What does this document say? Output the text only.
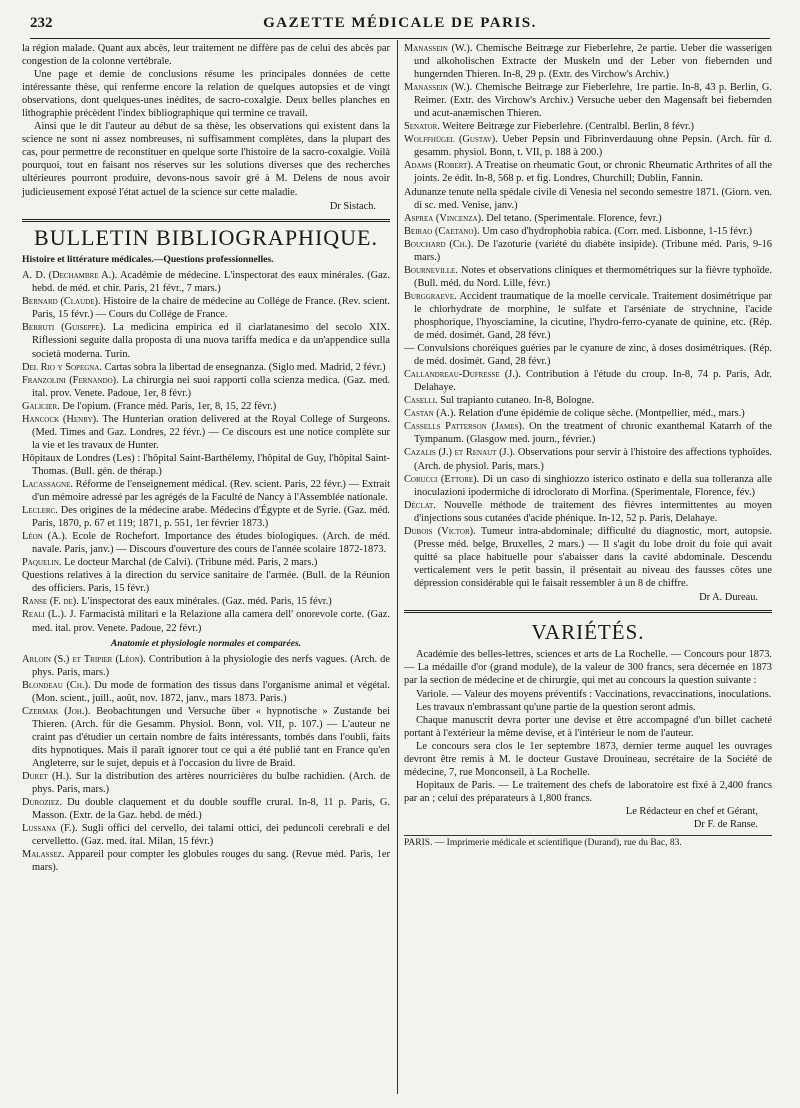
232	GAZETTE MÉDICALE DE PARIS.

la région malade. Quant aux abcès, leur traitement ne diffère pas de celui des abcès par congestion de la colonne vertébrale.

Une page et demie de conclusions résume les principales données de cette intéressante thèse, qui renferme encore la relation de quelques autopsies et de vingt observations, dont quelques-unes inédites, de sacro-coxalgie. Deux belles planches en lithographie précèdent l'index bibliographique qui termine ce travail.

Ainsi que le dit l'auteur au début de sa thèse, les observations qui existent dans la science ne sont ni assez nombreuses, ni suffisamment complètes, dans la plupart des cas, pour permettre de reconstituer en quelque sorte l'histoire de la sacro-coxalgie. Voilà pourquoi, tout en faisant nos réserves sur les solutions diverses que des recherches ultérieures pourront produire, devons-nous savoir gré à M. Delens de nous avoir judicieusement exposé l'état actuel de la science sur cette maladie.

Dr Sistach.

BULLETIN BIBLIOGRAPHIQUE.
Histoire et littérature médicales.—Questions professionnelles.

A. D. (Dechambre A.). Académie de médecine. L'inspectorat des eaux minérales. (Gaz. hebd. de méd. et chir. Paris, 21 févr., 7 mars.)

Bernard (Claude). Histoire de la chaire de médecine au Collége de France. (Rev. scient. Paris, 15 févr.) — Cours du Collége de France.

Berruti (Guiseppe). La medicina empirica ed il ciarlatanesimo del secolo XIX. Riflessioni seguite dalla proposta di una nuova tariffa medica e da un'appendice sulla società moderna. Turin.

Del Rio y Sopegna. Cartas sobra la libertad de ensegnanza. (Siglo med. Madrid, 2 févr.)

Franzolini (Fernando). La chirurgia nei suoi rapporti colla scienza medica. (Gaz. med. ital. prov. Venete. Padoue, 1er, 8 févr.)

Galicier. De l'opium. (France méd. Paris, 1er, 8, 15, 22 févr.)

Hancock (Henry). The Hunterian oration delivered at the Royal College of Surgeons. (Med. Times and Gaz. Londres, 22 févr.) — Ce discours est une notice complète sur la vie et les travaux de Hunter.

Hôpitaux de Londres (Les) : l'hôpital Saint-Barthélemy, l'hôpital de Guy, l'hôpital Saint-Thomas. (Bull. gén. de thérap.)

Lacassagne. Réforme de l'enseignement médical. (Rev. scient. Paris, 22 févr.) — Extrait d'un mémoire adressé par les agrégés de la Faculté de Nancy à l'Assemblée nationale.

Leclerc. Des origines de la médecine arabe. Médecins d'Égypte et de Syrie. (Gaz. méd. Paris, 1870, p. 67 et 119; 1871, p. 551, 1er février 1873.)

Léon (A.). Ecole de Rochefort. Importance des études biologiques. (Arch. de méd. navale. Paris, janv.) — Discours d'ouverture des cours de l'année scolaire 1872-1873.

Paquelin. Le docteur Marchal (de Calvi). (Tribune méd. Paris, 2 mars.)

Questions relatives à la direction du service sanitaire de l'armée. (Bull. de la Réunion des officiers. Paris, 15 févr.)

Ranse (F. de). L'inspectorat des eaux minérales. (Gaz. méd. Paris, 15 févr.)

Reali (L.). J. Farmacistà militari e la Relazione alla camera dell' onorevole corte. (Gaz. med. ital. prov. Venete. Padoue, 22 févr.)

Anatomie et physiologie normales et comparées.

Arloin (S.) et Tripier (Léon). Contribution à la physiologie des nerfs vagues. (Arch. de phys. Paris, mars.)

Blondeau (Ch.). Du mode de formation des tissus dans l'organisme animal et végétal. (Mon. scient., juill., août, nov. 1872, janv., mars 1873. Paris.)

Czermak (Joh.). Beobachtungen und Versuche über « hypnotische » Zustande bei Thieren. (Arch. für die Gesamm. Physiol. Bonn, vol. VII, p. 107.) — L'auteur ne craint pas d'étudier un certain nombre de faits intéressants, tombés dans l'oubli, faits dits hypnotiques. Mais il paraît ignorer tout ce qui a été publié tant en France qu'en Angleterre, sur le sujet, depuis et à l'occasion du livre de Braid.

Duret (H.). Sur la distribution des artères nourricières du bulbe rachidien. (Arch. de phys. Paris, mars.)

Duroziez. Du double claquement et du double souffle crural. In-8, 11 p. Paris, G. Masson. (Extr. de la Gaz. hebd. de méd.)

Lussana (F.). Sugli offici del cervello, dei talami ottici, dei peduncoli cerebrali e del cervelletto. (Gaz. med. ital. Milan, 15 févr.)

Malassez. Appareil pour compter les globules rouges du sang. (Revue méd. Paris, 1er mars).

Manassein (W.). Chemische Beitræge zur Fieberlehre, 2e partie. Ueber die wasserigen und alkoholischen Extracte der Muskeln und der Leber von fiebernden und hungernden Thieren. In-8, 29 p. (Extr. des Virchow's Archiv.)

Manassein (W.). Chemische Beitræge zur Fieberlehre, 1re partie. In-8, 43 p. Berlin, G. Reimer. (Extr. des Virchow's Archiv.) Versuche ueber den Magensaft bei fiebernden und acut-anæmischen Thieren.

Senator. Weitere Beitræge zur Fieberlehre. (Centralbl. Berlin, 8 févr.)

Wolffhügel (Gustav). Ueber Pepsin und Fibrinverdauung ohne Pepsin. (Arch. für d. gesamm. physiol. Bonn, t. VII, p. 188 à 200.)

Adams (Robert). A Treatise on rheumatic Gout, or chronic Rheumatic Arthrites of all the joints. 2e édit. In-8, 568 p. et fig. Londres, Churchill; Dublin, Fannin.

Adunanze tenute nella spédale civile di Venesia nel secondo semestre 1871. (Giorn. ven. di sc. med. Venise, janv.)

Asprea (Vincenza). Del tetano. (Sperimentale. Florence, fevr.)

Beirao (Caetano). Um caso d'hydrophobia rabica. (Corr. med. Lisbonne, 1-15 févr.)

Bouchard (Ch.). De l'azoturie (variété du diabète insipide). (Tribune méd. Paris, 9-16 mars.)

Bourneville. Notes et observations cliniques et thermométriques sur la fièvre typhoïde. (Bull. méd. du Nord. Lille, févr.)

Burggraeve. Accident traumatique de la moelle cervicale. Traitement dosimétrique par le chlorhydrate de morphine, le sulfate et l'arséniate de strychnine, l'acide phosphorique, l'hyosciamine, la cicutine, l'hydro-ferro-cyanate de quinine, etc. (Rép. de méd. dosimét. Gand, 28 févr.)

— Convulsions choréiques guéries par le cyanure de zinc, à doses dosimétriques. (Rép. de méd. dosimét. Gand, 28 févr.)

Callandreau-Dufresse (J.). Contribution à l'étude du croup. In-8, 74 p. Paris, Adr. Delahaye.

Caselli. Sul trapianto cutaneo. In-8, Bologne.

Castan (A.). Relation d'une épidémie de colique sèche. (Montpellier, méd., mars.)

Cassells Patterson (James). On the treatment of chronic exanthemal Katarrh of the Tympanum. (Glasgow med. journ., février.)

Cazalis (J.) et Renaut (J.). Observations pour servir à l'histoire des affections typhoïdes. (Arch. de physiol. Paris, mars.)

Corucci (Ettore). Di un caso di singhiozzo isterico ostinato e della sua tolleranza alle inoculazioni ipodermiche di idroclorato di Morfina. (Sperimentale, Florence, fév.)

Déclat. Nouvelle méthode de traitement des fièvres intermittentes au moyen d'injections sous cutanées d'acide phénique. In-12, 52 p. Paris, Delahaye.

Dubois (Victor). Tumeur intra-abdominale; difficulté du diagnostic, mort, autopsie. (Presse méd. belge, Bruxelles, 2 mars.) — Il s'agit du lobe droit du foie qui avait quitté sa place habituelle pour s'abaisser dans la cavité abdominale. Descendu verticalement vers le petit bassin, il présentait au niveau des fausses côtes une dépression considérable qui le faisait ressembler à un 8 de chiffre.

Dr A. Dureau.

VARIÉTÉS.

Académie des belles-lettres, sciences et arts de La Rochelle. — Concours pour 1873. — La médaille d'or (grand module), de la valeur de 300 francs, sera décernée en 1873 par la section de médecine et de chirurgie, qui met au concours la question suivante :

Variole. — Valeur des moyens préventifs : Vaccinations, revaccinations, inoculations.

Les travaux n'embrassant qu'une partie de la question seront admis.

Chaque manuscrit devra porter une devise et être accompagné d'un billet cacheté portant à l'extérieur la même devise, et à l'intérieur le nom de l'auteur.

Le concours sera clos le 1er septembre 1873, dernier terme auquel les ouvrages devront être remis à M. le docteur Gustave Drouineau, secrétaire de la Société de médecine, 7, rue Monconseil, à La Rochelle.

Hopitaux de Paris. — Le traitement des chefs de laboratoire est fixé à 2,400 francs par an ; celui des préparateurs à 1,800 francs.

Le Rédacteur en chef et Gérant,

Dr F. de Ranse.

PARIS. — Imprimerie médicale et scientifique (Durand), rue du Bac, 83.
